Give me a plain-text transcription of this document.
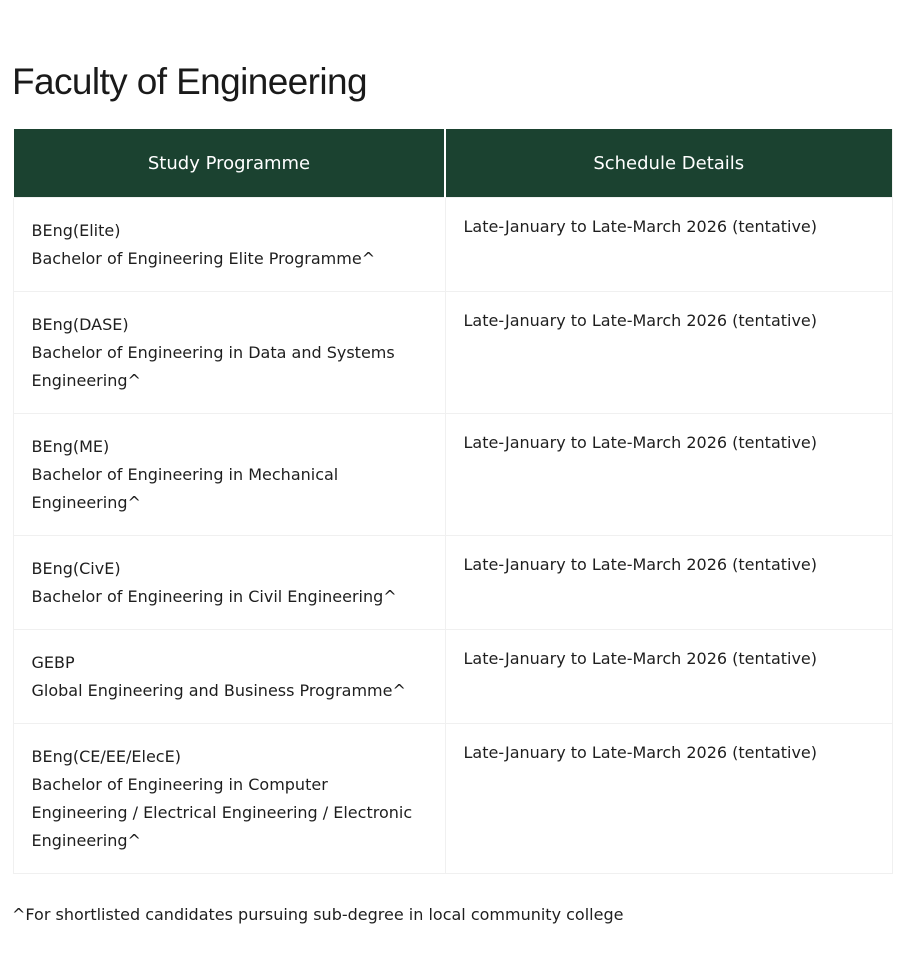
Faculty of Engineering
Study Programme	Schedule Details

BEng(Elite)
Bachelor of Engineering Elite Programme^	Late-January to Late-March 2026 (tentative)

BEng(DASE)
Bachelor of Engineering in Data and Systems Engineering^	Late-January to Late-March 2026 (tentative)

BEng(ME)
Bachelor of Engineering in Mechanical Engineering^	Late-January to Late-March 2026 (tentative)

BEng(CivE)
Bachelor of Engineering in Civil Engineering^	Late-January to Late-March 2026 (tentative)

GEBP
Global Engineering and Business Programme^	Late-January to Late-March 2026 (tentative)

BEng(CE/EE/ElecE)
Bachelor of Engineering in Computer Engineering / Electrical Engineering / Electronic Engineering^	Late-January to Late-March 2026 (tentative)
^For shortlisted candidates pursuing sub-degree in local community college
